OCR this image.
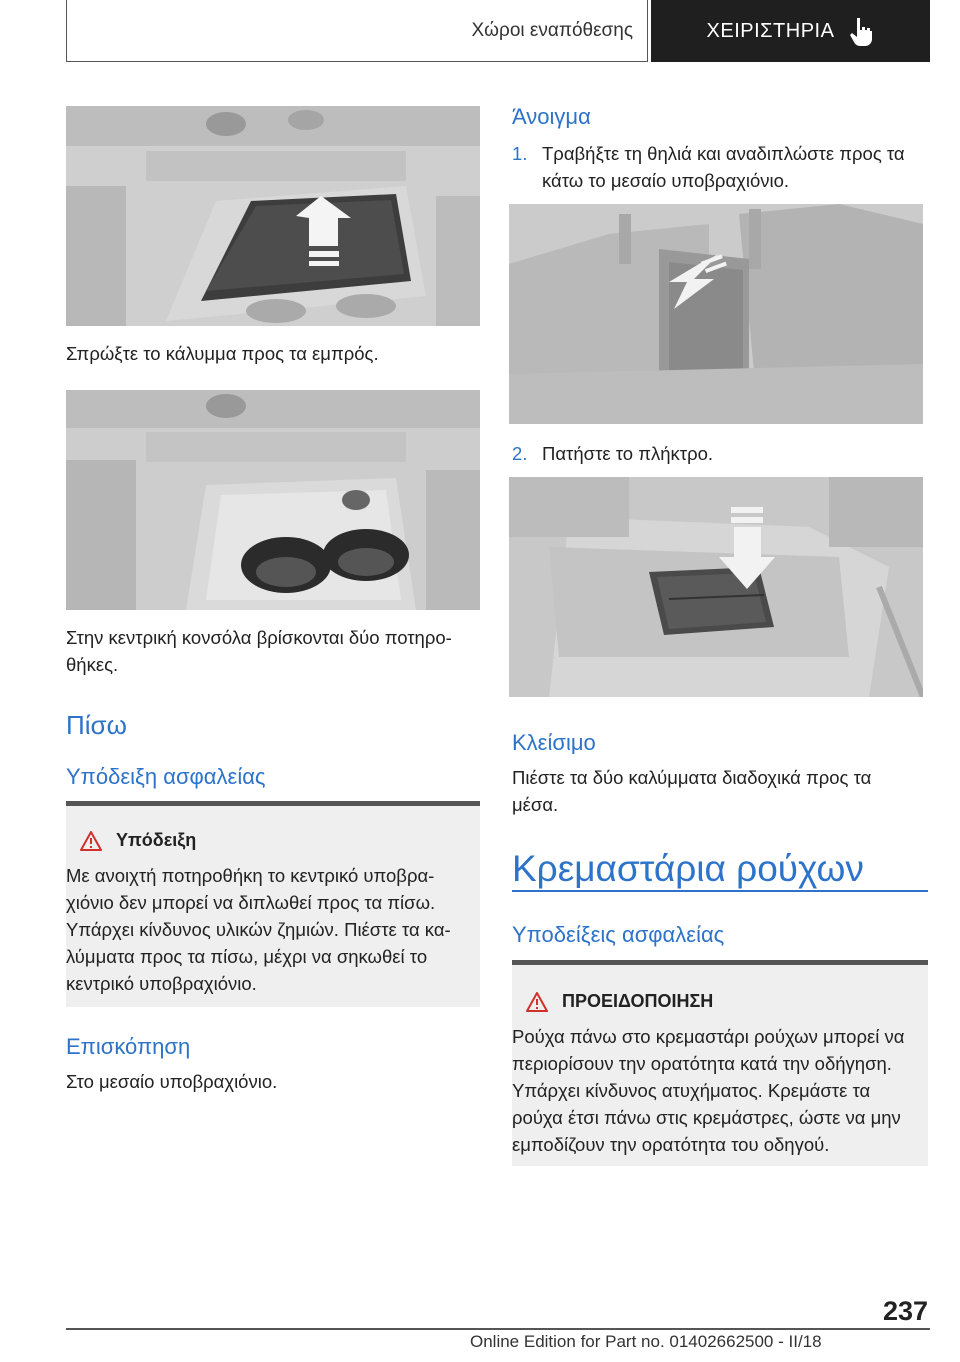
Χώροι εναπόθεσης	ΧΕΙΡΙΣΤΗΡΙΑ
Σπρώξτε το κάλυμμα προς τα εμπρός.
Στην κεντρική κονσόλα βρίσκονται δύο ποτηρο‐
θήκες.
Πίσω
Υπόδειξη ασφαλείας
Υπόδειξη
Με ανοιχτή ποτηροθήκη το κεντρικό υποβρα‐
χιόνιο δεν μπορεί να διπλωθεί προς τα πίσω.
Υπάρχει κίνδυνος υλικών ζημιών. Πιέστε τα κα‐
λύμματα προς τα πίσω, μέχρι να σηκωθεί το
κεντρικό υποβραχιόνιο.
Επισκόπηση
Στο μεσαίο υποβραχιόνιο.
Άνοιγμα
1. Τραβήξτε τη θηλιά και αναδιπλώστε προς τα
κάτω το μεσαίο υποβραχιόνιο.
2. Πατήστε το πλήκτρο.
Κλείσιμο
Πιέστε τα δύο καλύμματα διαδοχικά προς τα
μέσα.
Κρεμαστάρια ρούχων
Υποδείξεις ασφαλείας
ΠΡΟΕΙΔΟΠΟΙΗΣΗ
Ρούχα πάνω στο κρεμαστάρι ρούχων μπορεί να
περιορίσουν την ορατότητα κατά την οδήγηση.
Υπάρχει κίνδυνος ατυχήματος. Κρεμάστε τα
ρούχα έτσι πάνω στις κρεμάστρες, ώστε να μην
εμποδίζουν την ορατότητα του οδηγού.
237
Online Edition for Part no. 01402662500 - II/18
